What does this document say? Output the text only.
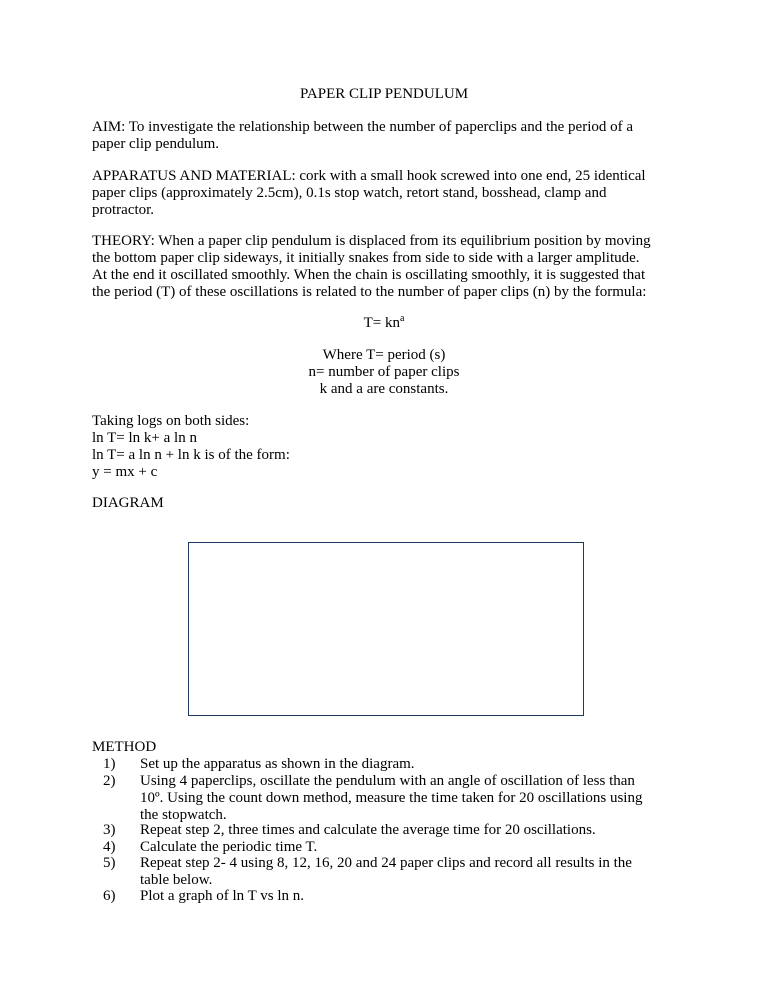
PAPER CLIP PENDULUM
AIM: To investigate the relationship between the number of paperclips and the period of a
paper clip pendulum.
APPARATUS AND MATERIAL: cork with a small hook screwed into one end, 25 identical
paper clips (approximately 2.5cm), 0.1s stop watch, retort stand, bosshead, clamp and
protractor.
THEORY: When a paper clip pendulum is displaced from its equilibrium position by moving
the bottom paper clip sideways, it initially snakes from side to side with a larger amplitude.
At the end it oscillated smoothly. When the chain is oscillating smoothly, it is suggested that
the period (T) of these oscillations is related to the number of paper clips (n) by the formula:
$T= kn^a$
Where T= period (s)
n= number of paper clips
k and a are constants.
Taking logs on both sides:
ln T= ln k+ a ln n
ln T= a ln n + ln k is of the form:
y = mx + c
DIAGRAM
METHOD
1) Set up the apparatus as shown in the diagram.
2) Using 4 paperclips, oscillate the pendulum with an angle of oscillation of less than
10º. Using the count down method, measure the time taken for 20 oscillations using
the stopwatch.
3) Repeat step 2, three times and calculate the average time for 20 oscillations.
4) Calculate the periodic time T.
5) Repeat step 2- 4 using 8, 12, 16, 20 and 24 paper clips and record all results in the
table below.
6) Plot a graph of ln T vs ln n.
